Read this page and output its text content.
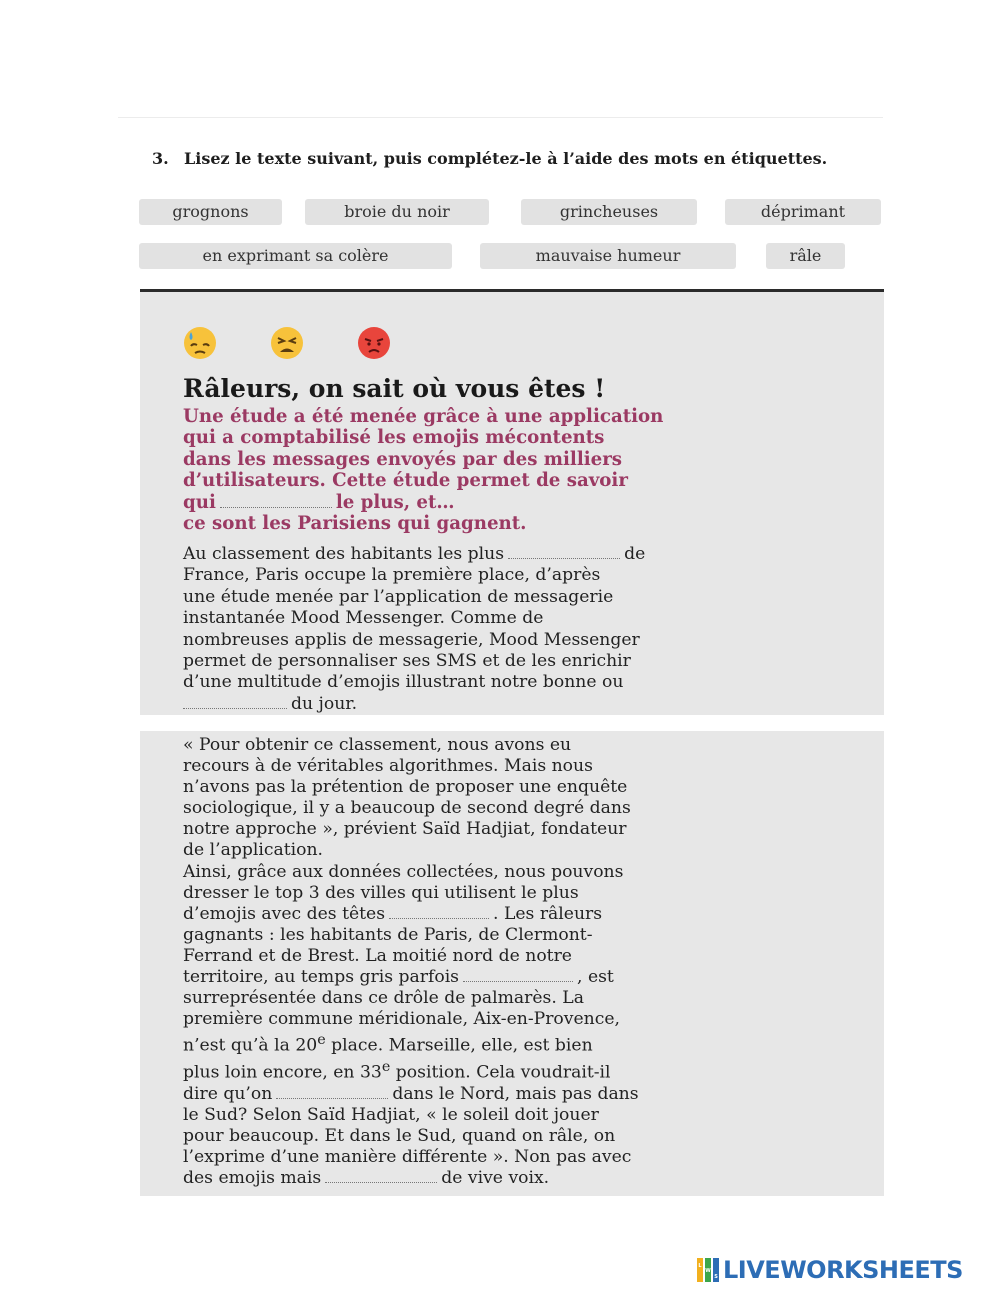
3. Lisez le texte suivant, puis complétez-le à l’aide des mots en étiquettes.
grognons	broie du noir	grincheuses	déprimant
en exprimant sa colère	mauvaise humeur	râle
Râleurs, on sait où vous êtes !
Une étude a été menée grâce à une application
qui a comptabilisé les emojis mécontents
dans les messages envoyés par des milliers
d’utilisateurs. Cette étude permet de savoir
qui	le plus, et…
ce sont les Parisiens qui gagnent.
Au classement des habitants les plus	de
France, Paris occupe la première place, d’après
une étude menée par l’application de messagerie
instantanée Mood Messenger. Comme de
nombreuses applis de messagerie, Mood Messenger
permet de personnaliser ses SMS et de les enrichir
d’une multitude d’emojis illustrant notre bonne ou
du jour.
« Pour obtenir ce classement, nous avons eu
recours à de véritables algorithmes. Mais nous
n’avons pas la prétention de proposer une enquête
sociologique, il y a beaucoup de second degré dans
notre approche », prévient Saïd Hadjiat, fondateur
de l’application.
Ainsi, grâce aux données collectées, nous pouvons
dresser le top 3 des villes qui utilisent le plus
d’emojis avec des têtes	. Les râleurs
gagnants : les habitants de Paris, de Clermont-
Ferrand et de Brest. La moitié nord de notre
territoire, au temps gris parfois	, est
surreprésentée dans ce drôle de palmarès. La
première commune méridionale, Aix-en-Provence,
n’est qu’à la 20e place. Marseille, elle, est bien
plus loin encore, en 33e position. Cela voudrait-il
dire qu’on	dans le Nord, mais pas dans
le Sud? Selon Saïd Hadjiat, « le soleil doit jouer
pour beaucoup. Et dans le Sud, quand on râle, on
l’exprime d’une manière différente ». Non pas avec
des emojis mais	de vive voix.
L
W
S LIVEWORKSHEETS
